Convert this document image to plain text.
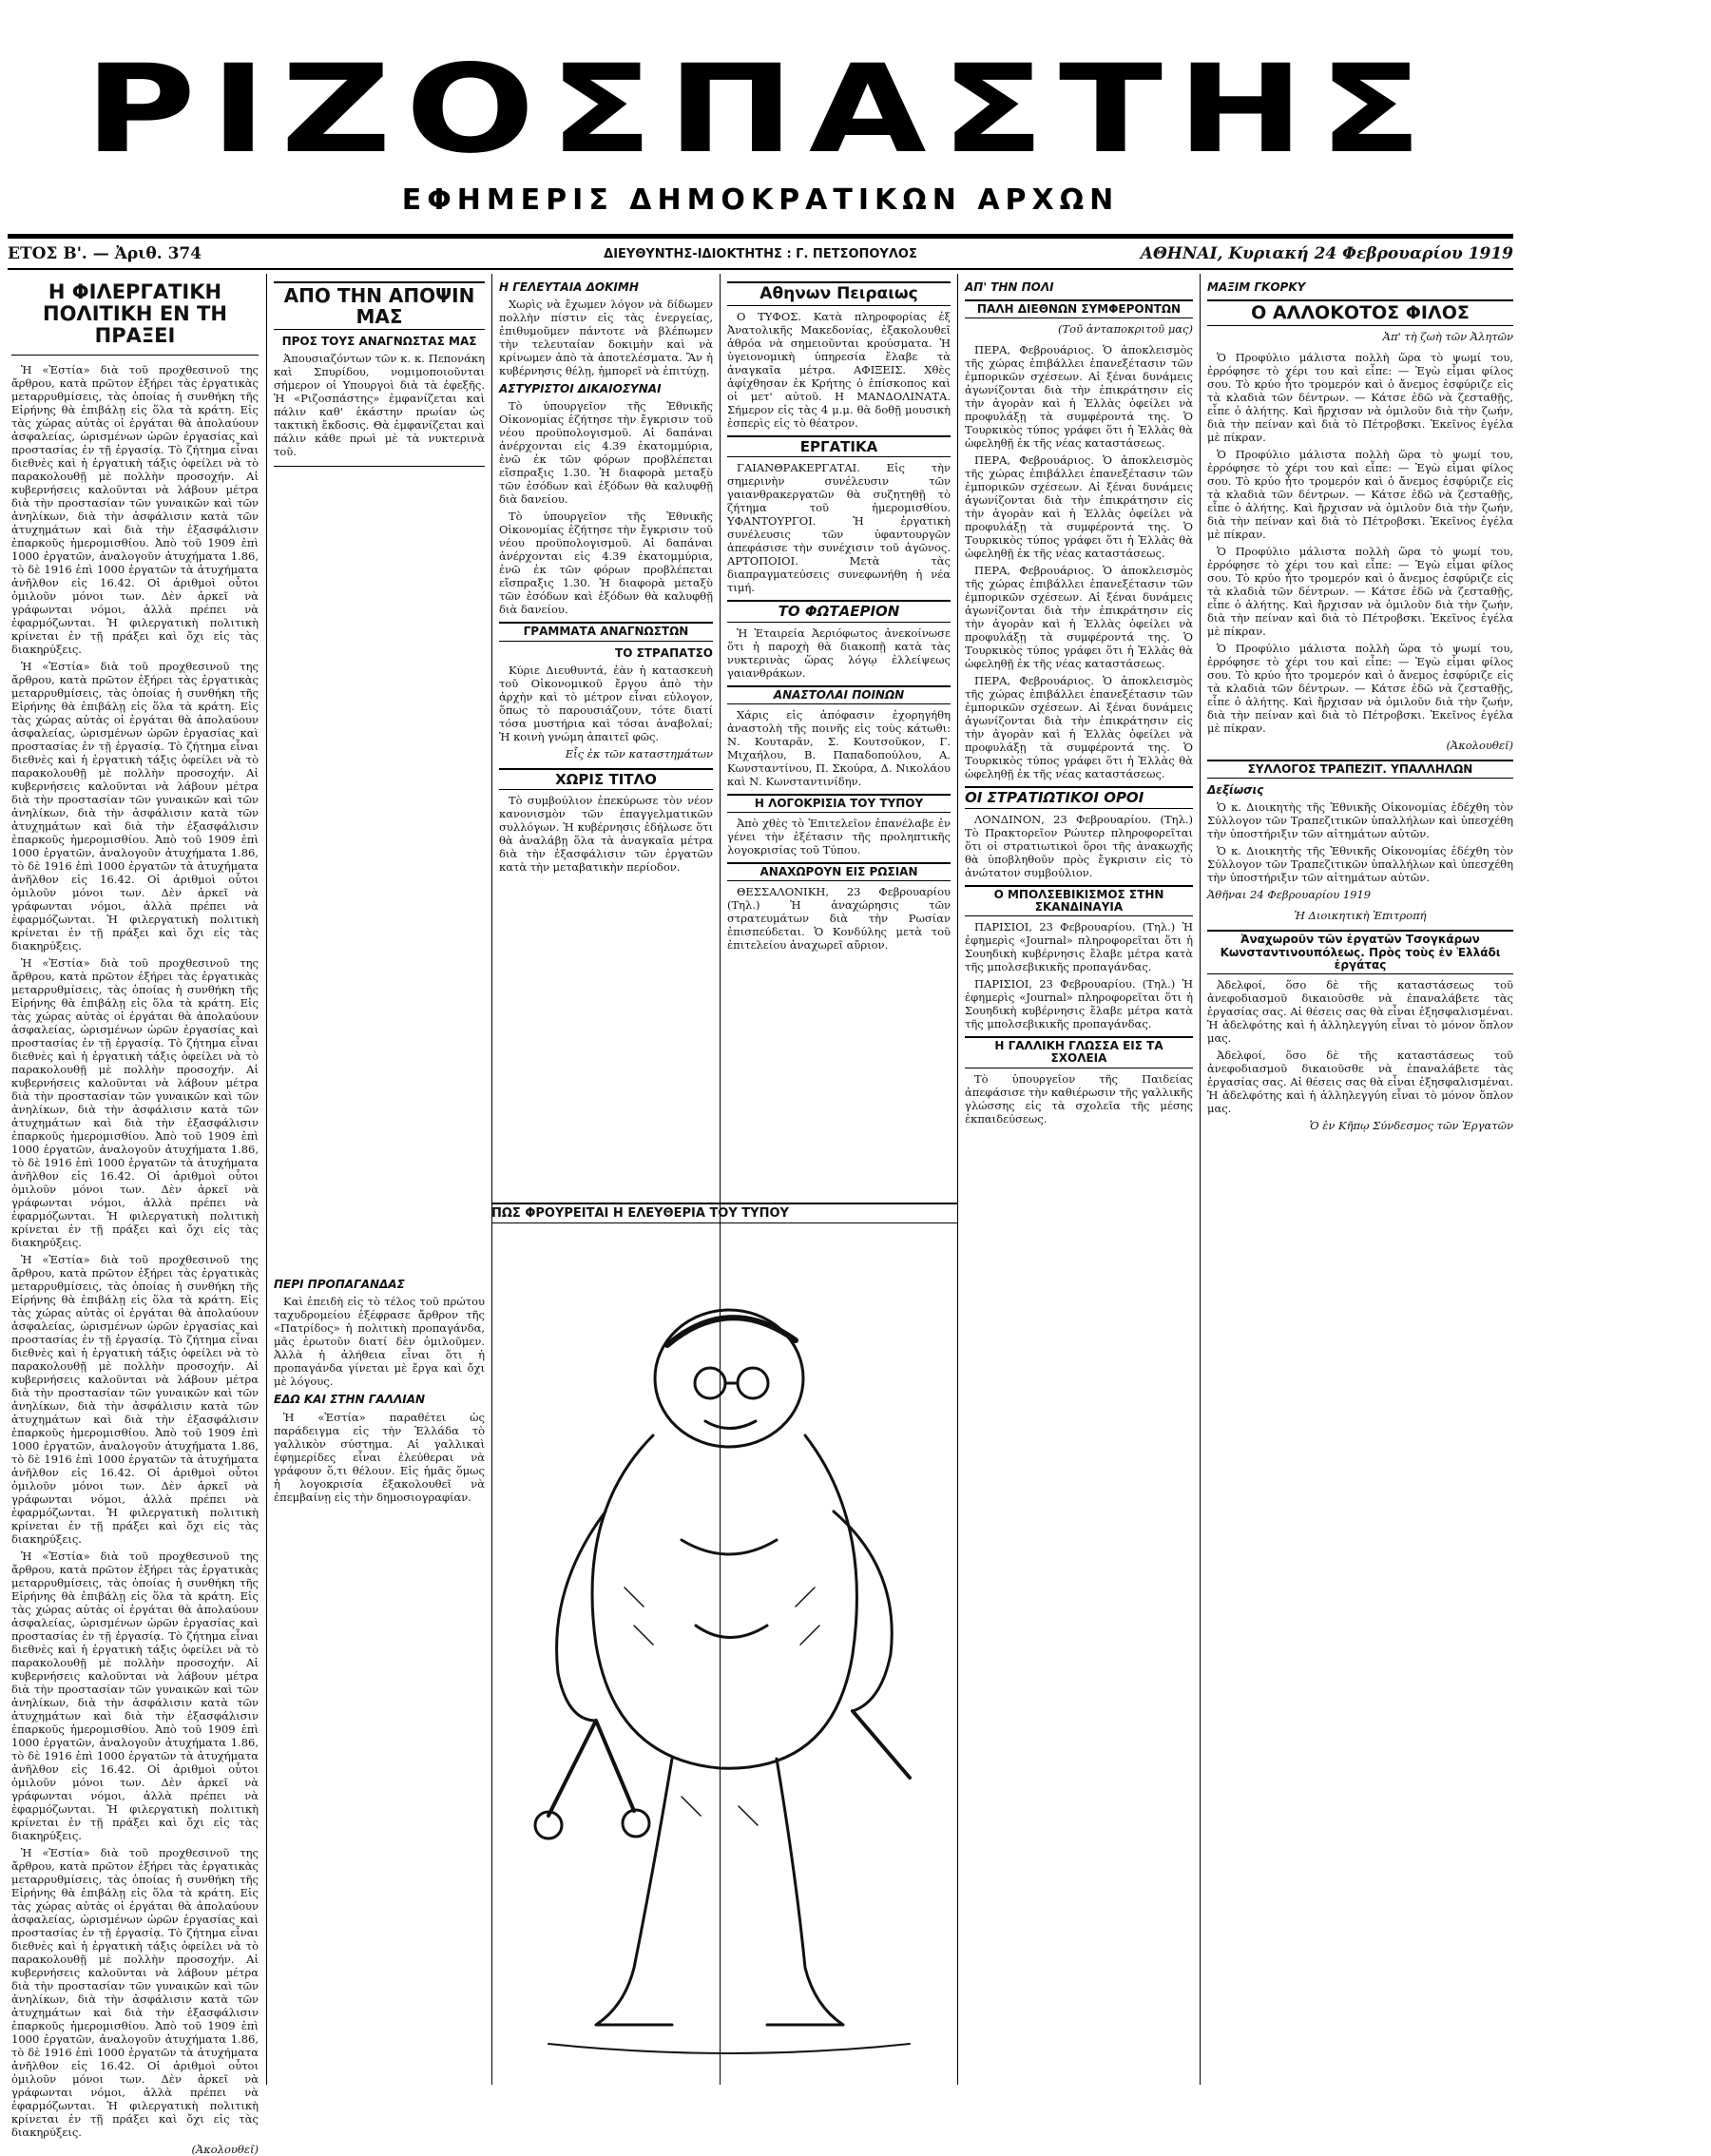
ΡΙΖΟΣΠΑΣΤΗΣ
ΕΦΗΜΕΡΙΣ ΔΗΜΟΚΡΑΤΙΚΩΝ ΑΡΧΩΝ
ΕΤΟΣ Β'. — Ἀριθ. 374	ΔΙΕΥΘΥΝΤΗΣ-ΙΔΙΟΚΤΗΤΗΣ : Γ. ΠΕΤΣΟΠΟΥΛΟΣ	ΑΘΗΝΑΙ, Κυριακή 24 Φεβρουαρίου 1919
Η ΦΙΛΕΡΓΑΤΙΚΗ ΠΟΛΙΤΙΚΗ ΕΝ ΤΗ ΠΡΑΞΕΙ

Ἡ «Ἑστία» διὰ τοῦ προχθεσινοῦ της ἄρθρου, κατὰ πρῶτον ἐξήρει τὰς ἐργατικὰς μεταρρυθμίσεις, τὰς ὁποίας ἡ συνθήκη τῆς Εἰρήνης θὰ ἐπιβάλῃ εἰς ὅλα τὰ κράτη. Εἰς τὰς χώρας αὐτὰς οἱ ἐργάται θὰ ἀπολαύουν ἀσφαλείας, ὡρισμένων ὡρῶν ἐργασίας καὶ προστασίας ἐν τῇ ἐργασίᾳ. Τὸ ζήτημα εἶναι διεθνὲς καὶ ἡ ἐργατικὴ τάξις ὀφείλει νὰ τὸ παρακολουθῇ μὲ πολλὴν προσοχήν. Αἱ κυβερνήσεις καλοῦνται νὰ λάβουν μέτρα διὰ τὴν προστασίαν τῶν γυναικῶν καὶ τῶν ἀνηλίκων, διὰ τὴν ἀσφάλισιν κατὰ τῶν ἀτυχημάτων καὶ διὰ τὴν ἐξασφάλισιν ἐπαρκοῦς ἡμερομισθίου. Ἀπὸ τοῦ 1909 ἐπὶ 1000 ἐργατῶν, ἀναλογοῦν ἀτυχήματα 1.86, τὸ δὲ 1916 ἐπὶ 1000 ἐργατῶν τὰ ἀτυχήματα ἀνῆλθον εἰς 16.42. Οἱ ἀριθμοὶ οὗτοι ὁμιλοῦν μόνοι των. Δὲν ἀρκεῖ νὰ γράφωνται νόμοι, ἀλλὰ πρέπει νὰ ἐφαρμόζωνται. Ἡ φιλεργατικὴ πολιτικὴ κρίνεται ἐν τῇ πράξει καὶ ὄχι εἰς τὰς διακηρύξεις.

Ἡ «Ἑστία» διὰ τοῦ προχθεσινοῦ της ἄρθρου, κατὰ πρῶτον ἐξήρει τὰς ἐργατικὰς μεταρρυθμίσεις, τὰς ὁποίας ἡ συνθήκη τῆς Εἰρήνης θὰ ἐπιβάλῃ εἰς ὅλα τὰ κράτη. Εἰς τὰς χώρας αὐτὰς οἱ ἐργάται θὰ ἀπολαύουν ἀσφαλείας, ὡρισμένων ὡρῶν ἐργασίας καὶ προστασίας ἐν τῇ ἐργασίᾳ. Τὸ ζήτημα εἶναι διεθνὲς καὶ ἡ ἐργατικὴ τάξις ὀφείλει νὰ τὸ παρακολουθῇ μὲ πολλὴν προσοχήν. Αἱ κυβερνήσεις καλοῦνται νὰ λάβουν μέτρα διὰ τὴν προστασίαν τῶν γυναικῶν καὶ τῶν ἀνηλίκων, διὰ τὴν ἀσφάλισιν κατὰ τῶν ἀτυχημάτων καὶ διὰ τὴν ἐξασφάλισιν ἐπαρκοῦς ἡμερομισθίου. Ἀπὸ τοῦ 1909 ἐπὶ 1000 ἐργατῶν, ἀναλογοῦν ἀτυχήματα 1.86, τὸ δὲ 1916 ἐπὶ 1000 ἐργατῶν τὰ ἀτυχήματα ἀνῆλθον εἰς 16.42. Οἱ ἀριθμοὶ οὗτοι ὁμιλοῦν μόνοι των. Δὲν ἀρκεῖ νὰ γράφωνται νόμοι, ἀλλὰ πρέπει νὰ ἐφαρμόζωνται. Ἡ φιλεργατικὴ πολιτικὴ κρίνεται ἐν τῇ πράξει καὶ ὄχι εἰς τὰς διακηρύξεις.

Ἡ «Ἑστία» διὰ τοῦ προχθεσινοῦ της ἄρθρου, κατὰ πρῶτον ἐξήρει τὰς ἐργατικὰς μεταρρυθμίσεις, τὰς ὁποίας ἡ συνθήκη τῆς Εἰρήνης θὰ ἐπιβάλῃ εἰς ὅλα τὰ κράτη. Εἰς τὰς χώρας αὐτὰς οἱ ἐργάται θὰ ἀπολαύουν ἀσφαλείας, ὡρισμένων ὡρῶν ἐργασίας καὶ προστασίας ἐν τῇ ἐργασίᾳ. Τὸ ζήτημα εἶναι διεθνὲς καὶ ἡ ἐργατικὴ τάξις ὀφείλει νὰ τὸ παρακολουθῇ μὲ πολλὴν προσοχήν. Αἱ κυβερνήσεις καλοῦνται νὰ λάβουν μέτρα διὰ τὴν προστασίαν τῶν γυναικῶν καὶ τῶν ἀνηλίκων, διὰ τὴν ἀσφάλισιν κατὰ τῶν ἀτυχημάτων καὶ διὰ τὴν ἐξασφάλισιν ἐπαρκοῦς ἡμερομισθίου. Ἀπὸ τοῦ 1909 ἐπὶ 1000 ἐργατῶν, ἀναλογοῦν ἀτυχήματα 1.86, τὸ δὲ 1916 ἐπὶ 1000 ἐργατῶν τὰ ἀτυχήματα ἀνῆλθον εἰς 16.42. Οἱ ἀριθμοὶ οὗτοι ὁμιλοῦν μόνοι των. Δὲν ἀρκεῖ νὰ γράφωνται νόμοι, ἀλλὰ πρέπει νὰ ἐφαρμόζωνται. Ἡ φιλεργατικὴ πολιτικὴ κρίνεται ἐν τῇ πράξει καὶ ὄχι εἰς τὰς διακηρύξεις.

Ἡ «Ἑστία» διὰ τοῦ προχθεσινοῦ της ἄρθρου, κατὰ πρῶτον ἐξήρει τὰς ἐργατικὰς μεταρρυθμίσεις, τὰς ὁποίας ἡ συνθήκη τῆς Εἰρήνης θὰ ἐπιβάλῃ εἰς ὅλα τὰ κράτη. Εἰς τὰς χώρας αὐτὰς οἱ ἐργάται θὰ ἀπολαύουν ἀσφαλείας, ὡρισμένων ὡρῶν ἐργασίας καὶ προστασίας ἐν τῇ ἐργασίᾳ. Τὸ ζήτημα εἶναι διεθνὲς καὶ ἡ ἐργατικὴ τάξις ὀφείλει νὰ τὸ παρακολουθῇ μὲ πολλὴν προσοχήν. Αἱ κυβερνήσεις καλοῦνται νὰ λάβουν μέτρα διὰ τὴν προστασίαν τῶν γυναικῶν καὶ τῶν ἀνηλίκων, διὰ τὴν ἀσφάλισιν κατὰ τῶν ἀτυχημάτων καὶ διὰ τὴν ἐξασφάλισιν ἐπαρκοῦς ἡμερομισθίου. Ἀπὸ τοῦ 1909 ἐπὶ 1000 ἐργατῶν, ἀναλογοῦν ἀτυχήματα 1.86, τὸ δὲ 1916 ἐπὶ 1000 ἐργατῶν τὰ ἀτυχήματα ἀνῆλθον εἰς 16.42. Οἱ ἀριθμοὶ οὗτοι ὁμιλοῦν μόνοι των. Δὲν ἀρκεῖ νὰ γράφωνται νόμοι, ἀλλὰ πρέπει νὰ ἐφαρμόζωνται. Ἡ φιλεργατικὴ πολιτικὴ κρίνεται ἐν τῇ πράξει καὶ ὄχι εἰς τὰς διακηρύξεις.

Ἡ «Ἑστία» διὰ τοῦ προχθεσινοῦ της ἄρθρου, κατὰ πρῶτον ἐξήρει τὰς ἐργατικὰς μεταρρυθμίσεις, τὰς ὁποίας ἡ συνθήκη τῆς Εἰρήνης θὰ ἐπιβάλῃ εἰς ὅλα τὰ κράτη. Εἰς τὰς χώρας αὐτὰς οἱ ἐργάται θὰ ἀπολαύουν ἀσφαλείας, ὡρισμένων ὡρῶν ἐργασίας καὶ προστασίας ἐν τῇ ἐργασίᾳ. Τὸ ζήτημα εἶναι διεθνὲς καὶ ἡ ἐργατικὴ τάξις ὀφείλει νὰ τὸ παρακολουθῇ μὲ πολλὴν προσοχήν. Αἱ κυβερνήσεις καλοῦνται νὰ λάβουν μέτρα διὰ τὴν προστασίαν τῶν γυναικῶν καὶ τῶν ἀνηλίκων, διὰ τὴν ἀσφάλισιν κατὰ τῶν ἀτυχημάτων καὶ διὰ τὴν ἐξασφάλισιν ἐπαρκοῦς ἡμερομισθίου. Ἀπὸ τοῦ 1909 ἐπὶ 1000 ἐργατῶν, ἀναλογοῦν ἀτυχήματα 1.86, τὸ δὲ 1916 ἐπὶ 1000 ἐργατῶν τὰ ἀτυχήματα ἀνῆλθον εἰς 16.42. Οἱ ἀριθμοὶ οὗτοι ὁμιλοῦν μόνοι των. Δὲν ἀρκεῖ νὰ γράφωνται νόμοι, ἀλλὰ πρέπει νὰ ἐφαρμόζωνται. Ἡ φιλεργατικὴ πολιτικὴ κρίνεται ἐν τῇ πράξει καὶ ὄχι εἰς τὰς διακηρύξεις.

Ἡ «Ἑστία» διὰ τοῦ προχθεσινοῦ της ἄρθρου, κατὰ πρῶτον ἐξήρει τὰς ἐργατικὰς μεταρρυθμίσεις, τὰς ὁποίας ἡ συνθήκη τῆς Εἰρήνης θὰ ἐπιβάλῃ εἰς ὅλα τὰ κράτη. Εἰς τὰς χώρας αὐτὰς οἱ ἐργάται θὰ ἀπολαύουν ἀσφαλείας, ὡρισμένων ὡρῶν ἐργασίας καὶ προστασίας ἐν τῇ ἐργασίᾳ. Τὸ ζήτημα εἶναι διεθνὲς καὶ ἡ ἐργατικὴ τάξις ὀφείλει νὰ τὸ παρακολουθῇ μὲ πολλὴν προσοχήν. Αἱ κυβερνήσεις καλοῦνται νὰ λάβουν μέτρα διὰ τὴν προστασίαν τῶν γυναικῶν καὶ τῶν ἀνηλίκων, διὰ τὴν ἀσφάλισιν κατὰ τῶν ἀτυχημάτων καὶ διὰ τὴν ἐξασφάλισιν ἐπαρκοῦς ἡμερομισθίου. Ἀπὸ τοῦ 1909 ἐπὶ 1000 ἐργατῶν, ἀναλογοῦν ἀτυχήματα 1.86, τὸ δὲ 1916 ἐπὶ 1000 ἐργατῶν τὰ ἀτυχήματα ἀνῆλθον εἰς 16.42. Οἱ ἀριθμοὶ οὗτοι ὁμιλοῦν μόνοι των. Δὲν ἀρκεῖ νὰ γράφωνται νόμοι, ἀλλὰ πρέπει νὰ ἐφαρμόζωνται. Ἡ φιλεργατικὴ πολιτικὴ κρίνεται ἐν τῇ πράξει καὶ ὄχι εἰς τὰς διακηρύξεις.

(Ἀκολουθεῖ)
ΑΠΟ ΤΗΝ ΑΠΟΨΙΝ ΜΑΣ
ΠΡΟΣ ΤΟΥΣ ΑΝΑΓΝΩΣΤΑΣ ΜΑΣ

Ἀπουσιαζόντων τῶν κ. κ. Πεπονάκη καὶ Σπυρίδου, νομιμοποιοῦνται σήμερον οἱ Υπουργοὶ διὰ τὰ ἐφεξῆς. Ἡ «Ριζοσπάστης» ἐμφανίζεται καὶ πάλιν καθ' ἑκάστην πρωίαν ὡς τακτικὴ ἔκδοσις. Θὰ ἐμφανίζεται καὶ πάλιν κάθε πρωὶ μὲ τὰ νυκτερινὰ τοῦ.

ΠΕΡΙ ΠΡΟΠΑΓΑΝΔΑΣ

Καὶ ἐπειδὴ εἰς τὸ τέλος τοῦ πρώτου ταχυδρομείου ἐξέφρασε ἄρθρον τῆς «Πατρίδος» ἡ πολιτικὴ προπαγάνδα, μᾶς ἐρωτοῦν διατί δὲν ὁμιλοῦμεν. Ἀλλὰ ἡ ἀλήθεια εἶναι ὅτι ἡ προπαγάνδα γίνεται μὲ ἔργα καὶ ὄχι μὲ λόγους.

ΕΔΩ ΚΑΙ ΣΤΗΝ ΓΑΛΛΙΑΝ

Ἡ «Ἑστία» παραθέτει ὡς παράδειγμα εἰς τὴν Ἑλλάδα τὸ γαλλικὸν σύστημα. Αἱ γαλλικαὶ ἐφημερίδες εἶναι ἐλεύθεραι νὰ γράφουν ὅ,τι θέλουν. Εἰς ἡμᾶς ὅμως ἡ λογοκρισία ἐξακολουθεῖ νὰ ἐπεμβαίνῃ εἰς τὴν δημοσιογραφίαν.

Η ΓΕΛΕΥΤΑΙΑ ΔΟΚΙΜΗ

Χωρὶς νὰ ἔχωμεν λόγον νὰ δίδωμεν πολλὴν πίστιν εἰς τὰς ἐνεργείας, ἐπιθυμοῦμεν πάντοτε νὰ βλέπωμεν τὴν τελευταίαν δοκιμὴν καὶ νὰ κρίνωμεν ἀπὸ τὰ ἀποτελέσματα. Ἂν ἡ κυβέρνησις θέλῃ, ἠμπορεῖ νὰ ἐπιτύχῃ.

ΑΣΤΥΡΙΣΤΟΙ ΔΙΚΑΙΟΣΥΝΑΙ

Τὸ ὑπουργεῖον τῆς Ἐθνικῆς Οἰκονομίας ἐζήτησε τὴν ἔγκρισιν τοῦ νέου προϋπολογισμοῦ. Αἱ δαπάναι ἀνέρχονται εἰς 4.39 ἑκατομμύρια, ἐνῶ ἐκ τῶν φόρων προβλέπεται εἴσπραξις 1.30. Ἡ διαφορὰ μεταξὺ τῶν ἐσόδων καὶ ἐξόδων θὰ καλυφθῇ διὰ δανείου.

Τὸ ὑπουργεῖον τῆς Ἐθνικῆς Οἰκονομίας ἐζήτησε τὴν ἔγκρισιν τοῦ νέου προϋπολογισμοῦ. Αἱ δαπάναι ἀνέρχονται εἰς 4.39 ἑκατομμύρια, ἐνῶ ἐκ τῶν φόρων προβλέπεται εἴσπραξις 1.30. Ἡ διαφορὰ μεταξὺ τῶν ἐσόδων καὶ ἐξόδων θὰ καλυφθῇ διὰ δανείου.

ΓΡΑΜΜΑΤΑ ΑΝΑΓΝΩΣΤΩΝ
ΤΟ ΣΤΡΑΠΑΤΣΟ

Κύριε Διευθυντά, ἐὰν ἡ κατασκευὴ τοῦ Οἰκονομικοῦ ἔργου ἀπὸ τὴν ἀρχὴν καὶ τὸ μέτρον εἶναι εὐλογον, ὅπως τὸ παρουσιάζουν, τότε διατί τόσα μυστήρια καὶ τόσαι ἀναβολαί; Ἡ κοινὴ γνώμη ἀπαιτεῖ φῶς.

Εἷς ἐκ τῶν καταστημάτων
ΧΩΡΙΣ ΤΙΤΛΟ

Τὸ συμβούλιον ἐπεκύρωσε τὸν νέον κανονισμὸν τῶν ἐπαγγελματικῶν συλλόγων. Ἡ κυβέρνησις ἐδήλωσε ὅτι θὰ ἀναλάβῃ ὅλα τὰ ἀναγκαῖα μέτρα διὰ τὴν ἐξασφάλισιν τῶν ἐργατῶν κατὰ τὴν μεταβατικὴν περίοδον.

Αθηνων Πειραιως

Ο ΤΥΦΟΣ. Κατὰ πληροφορίας ἐξ Ἀνατολικῆς Μακεδονίας, ἐξακολουθεῖ ἀθρόα νὰ σημειοῦνται κρούσματα. Ἡ ὑγειονομικὴ ὑπηρεσία ἔλαβε τὰ ἀναγκαῖα μέτρα. ΑΦΙΞΕΙΣ. Χθὲς ἀφίχθησαν ἐκ Κρήτης ὁ ἐπίσκοπος καὶ οἱ μετ' αὐτοῦ. Η ΜΑΝΔΟΛΙΝΑΤΑ. Σήμερον εἰς τὰς 4 μ.μ. θὰ δοθῇ μουσικὴ ἑσπερὶς εἰς τὸ θέατρον.

ΕΡΓΑΤΙΚΑ

ΓΑΙΑΝΘΡΑΚΕΡΓΑΤΑΙ. Εἰς τὴν σημερινὴν συνέλευσιν τῶν γαιανθρακεργατῶν θὰ συζητηθῇ τὸ ζήτημα τοῦ ἡμερομισθίου. ΥΦΑΝΤΟΥΡΓΟΙ. Ἡ ἐργατικὴ συνέλευσις τῶν ὑφαντουργῶν ἀπεφάσισε τὴν συνέχισιν τοῦ ἀγῶνος. ΑΡΤΟΠΟΙΟΙ. Μετὰ τὰς διαπραγματεύσεις συνεφωνήθη ἡ νέα τιμή.

ΤΟ ΦΩΤΑΕΡΙΟΝ

Ἡ Ἑταιρεία Ἀεριόφωτος ἀνεκοίνωσε ὅτι ἡ παροχὴ θὰ διακοπῇ κατὰ τὰς νυκτερινὰς ὥρας λόγῳ ἐλλείψεως γαιανθράκων.

ΑΝΑΣΤΟΛΑΙ ΠΟΙΝΩΝ

Χάρις εἰς ἀπόφασιν ἐχορηγήθη ἀναστολὴ τῆς ποινῆς εἰς τοὺς κάτωθι: Ν. Κουταρᾶν, Σ. Κουτσοῦκον, Γ. Μιχαήλου, Β. Παπαδοπούλου, Α. Κωνσταντίνου, Π. Σκούρα, Δ. Νικολάου καὶ Ν. Κωνσταντινίδην.

Η ΛΟΓΟΚΡΙΣΙΑ ΤΟΥ ΤΥΠΟΥ

Ἀπὸ χθὲς τὸ Ἐπιτελεῖον ἐπανέλαβε ἐν γένει τὴν ἐξέτασιν τῆς προληπτικῆς λογοκρισίας τοῦ Τύπου.

ΑΝΑΧΩΡΟΥΝ ΕΙΣ ΡΩΣΙΑΝ

ΘΕΣΣΑΛΟΝΙΚΗ, 23 Φεβρουαρίου (Τηλ.) Ἡ ἀναχώρησις τῶν στρατευμάτων διὰ τὴν Ρωσίαν ἐπισπεύδεται. Ὁ Κονδύλης μετὰ τοῦ ἐπιτελείου ἀναχωρεῖ αὔριον.

ΑΠ' ΤΗΝ ΠΟΛΙ
ΠΑΛΗ ΔΙΕΘΝΩΝ ΣΥΜΦΕΡΟΝΤΩΝ
(Τοῦ ἀνταποκριτοῦ μας)

ΠΕΡΑ, Φεβρουάριος. Ὁ ἀποκλεισμὸς τῆς χώρας ἐπιβάλλει ἐπανεξέτασιν τῶν ἐμπορικῶν σχέσεων. Αἱ ξέναι δυνάμεις ἀγωνίζονται διὰ τὴν ἐπικράτησιν εἰς τὴν ἀγορὰν καὶ ἡ Ἑλλὰς ὀφείλει νὰ προφυλάξῃ τὰ συμφέροντά της. Ὁ Τουρκικὸς τύπος γράφει ὅτι ἡ Ἑλλὰς θὰ ὠφεληθῇ ἐκ τῆς νέας καταστάσεως.

ΠΕΡΑ, Φεβρουάριος. Ὁ ἀποκλεισμὸς τῆς χώρας ἐπιβάλλει ἐπανεξέτασιν τῶν ἐμπορικῶν σχέσεων. Αἱ ξέναι δυνάμεις ἀγωνίζονται διὰ τὴν ἐπικράτησιν εἰς τὴν ἀγορὰν καὶ ἡ Ἑλλὰς ὀφείλει νὰ προφυλάξῃ τὰ συμφέροντά της. Ὁ Τουρκικὸς τύπος γράφει ὅτι ἡ Ἑλλὰς θὰ ὠφεληθῇ ἐκ τῆς νέας καταστάσεως.

ΠΕΡΑ, Φεβρουάριος. Ὁ ἀποκλεισμὸς τῆς χώρας ἐπιβάλλει ἐπανεξέτασιν τῶν ἐμπορικῶν σχέσεων. Αἱ ξέναι δυνάμεις ἀγωνίζονται διὰ τὴν ἐπικράτησιν εἰς τὴν ἀγορὰν καὶ ἡ Ἑλλὰς ὀφείλει νὰ προφυλάξῃ τὰ συμφέροντά της. Ὁ Τουρκικὸς τύπος γράφει ὅτι ἡ Ἑλλὰς θὰ ὠφεληθῇ ἐκ τῆς νέας καταστάσεως.

ΠΕΡΑ, Φεβρουάριος. Ὁ ἀποκλεισμὸς τῆς χώρας ἐπιβάλλει ἐπανεξέτασιν τῶν ἐμπορικῶν σχέσεων. Αἱ ξέναι δυνάμεις ἀγωνίζονται διὰ τὴν ἐπικράτησιν εἰς τὴν ἀγορὰν καὶ ἡ Ἑλλὰς ὀφείλει νὰ προφυλάξῃ τὰ συμφέροντά της. Ὁ Τουρκικὸς τύπος γράφει ὅτι ἡ Ἑλλὰς θὰ ὠφεληθῇ ἐκ τῆς νέας καταστάσεως.

ΟΙ ΣΤΡΑΤΙΩΤΙΚΟΙ ΟΡΟΙ

ΛΟΝΔΙΝΟΝ, 23 Φεβρουαρίου. (Τηλ.) Τὸ Πρακτορεῖον Ρώυτερ πληροφορεῖται ὅτι οἱ στρατιωτικοὶ ὅροι τῆς ἀνακωχῆς θὰ ὑποβληθοῦν πρὸς ἔγκρισιν εἰς τὸ ἀνώτατον συμβούλιον.

Ο ΜΠΟΛΣΕΒΙΚΙΣΜΟΣ ΣΤΗΝ ΣΚΑΝΔΙΝΑΥΙΑ

ΠΑΡΙΣΙΟΙ, 23 Φεβρουαρίου. (Τηλ.) Ἡ ἐφημερὶς «Journal» πληροφορεῖται ὅτι ἡ Σουηδικὴ κυβέρνησις ἔλαβε μέτρα κατὰ τῆς μπολσεβικικῆς προπαγάνδας.

ΠΑΡΙΣΙΟΙ, 23 Φεβρουαρίου. (Τηλ.) Ἡ ἐφημερὶς «Journal» πληροφορεῖται ὅτι ἡ Σουηδικὴ κυβέρνησις ἔλαβε μέτρα κατὰ τῆς μπολσεβικικῆς προπαγάνδας.

Η ΓΑΛΛΙΚΗ ΓΛΩΣΣΑ ΕΙΣ ΤΑ ΣΧΟΛΕΙΑ

Τὸ ὑπουργεῖον τῆς Παιδείας ἀπεφάσισε τὴν καθιέρωσιν τῆς γαλλικῆς γλώσσης εἰς τὰ σχολεῖα τῆς μέσης ἐκπαιδεύσεως.

ΜΑΞΙΜ ΓΚΟΡΚΥ
Ο ΑΛΛΟΚΟΤΟΣ ΦΙΛΟΣ
Ἀπ' τὴ ζωὴ τῶν Ἀλητῶν

Ὁ Προφύλιο μάλιστα πολλὴ ὥρα τὸ ψωμί του, ἐρρόφησε τὸ χέρι του καὶ εἶπε: — Ἐγὼ εἶμαι φίλος σου. Τὸ κρύο ἦτο τρομερόν καὶ ὁ ἄνεμος ἐσφύριζε εἰς τὰ κλαδιὰ τῶν δέντρων. — Κάτσε ἐδῶ νὰ ζεσταθῇς, εἶπε ὁ ἀλήτης. Καὶ ἤρχισαν νὰ ὁμιλοῦν διὰ τὴν ζωήν, διὰ τὴν πείναν καὶ διὰ τὸ Πέτροβσκι. Ἐκεῖνος ἐγέλα μὲ πίκραν.

Ὁ Προφύλιο μάλιστα πολλὴ ὥρα τὸ ψωμί του, ἐρρόφησε τὸ χέρι του καὶ εἶπε: — Ἐγὼ εἶμαι φίλος σου. Τὸ κρύο ἦτο τρομερόν καὶ ὁ ἄνεμος ἐσφύριζε εἰς τὰ κλαδιὰ τῶν δέντρων. — Κάτσε ἐδῶ νὰ ζεσταθῇς, εἶπε ὁ ἀλήτης. Καὶ ἤρχισαν νὰ ὁμιλοῦν διὰ τὴν ζωήν, διὰ τὴν πείναν καὶ διὰ τὸ Πέτροβσκι. Ἐκεῖνος ἐγέλα μὲ πίκραν.

Ὁ Προφύλιο μάλιστα πολλὴ ὥρα τὸ ψωμί του, ἐρρόφησε τὸ χέρι του καὶ εἶπε: — Ἐγὼ εἶμαι φίλος σου. Τὸ κρύο ἦτο τρομερόν καὶ ὁ ἄνεμος ἐσφύριζε εἰς τὰ κλαδιὰ τῶν δέντρων. — Κάτσε ἐδῶ νὰ ζεσταθῇς, εἶπε ὁ ἀλήτης. Καὶ ἤρχισαν νὰ ὁμιλοῦν διὰ τὴν ζωήν, διὰ τὴν πείναν καὶ διὰ τὸ Πέτροβσκι. Ἐκεῖνος ἐγέλα μὲ πίκραν.

Ὁ Προφύλιο μάλιστα πολλὴ ὥρα τὸ ψωμί του, ἐρρόφησε τὸ χέρι του καὶ εἶπε: — Ἐγὼ εἶμαι φίλος σου. Τὸ κρύο ἦτο τρομερόν καὶ ὁ ἄνεμος ἐσφύριζε εἰς τὰ κλαδιὰ τῶν δέντρων. — Κάτσε ἐδῶ νὰ ζεσταθῇς, εἶπε ὁ ἀλήτης. Καὶ ἤρχισαν νὰ ὁμιλοῦν διὰ τὴν ζωήν, διὰ τὴν πείναν καὶ διὰ τὸ Πέτροβσκι. Ἐκεῖνος ἐγέλα μὲ πίκραν.

(Ἀκολουθεῖ)
ΣΥΛΛΟΓΟΣ ΤΡΑΠΕΖΙΤ. ΥΠΑΛΛΗΛΩΝ
Δεξίωσις

Ὁ κ. Διοικητὴς τῆς Ἐθνικῆς Οἰκονομίας ἐδέχθη τὸν Σύλλογον τῶν Τραπεζιτικῶν ὑπαλλήλων καὶ ὑπεσχέθη τὴν ὑποστήριξιν τῶν αἰτημάτων αὐτῶν.

Ὁ κ. Διοικητὴς τῆς Ἐθνικῆς Οἰκονομίας ἐδέχθη τὸν Σύλλογον τῶν Τραπεζιτικῶν ὑπαλλήλων καὶ ὑπεσχέθη τὴν ὑποστήριξιν τῶν αἰτημάτων αὐτῶν.

Ἀθῆναι 24 Φεβρουαρίου 1919
Ἡ Διοικητικὴ Ἐπιτροπή
Ἀναχωροῦν τῶν ἐργατῶν Τσογκάρων Κωνσταντινουπόλεως. Πρὸς τοὺς ἐν Ἑλλάδι ἐργάτας

Ἀδελφοί, ὅσο δὲ τῆς καταστάσεως τοῦ ἀνεφοδιασμοῦ δικαιοῦσθε νὰ ἐπαναλάβετε τὰς ἐργασίας σας. Αἱ θέσεις σας θὰ εἶναι ἐξησφαλισμέναι. Ἡ ἀδελφότης καὶ ἡ ἀλληλεγγύη εἶναι τὸ μόνον ὅπλον μας.

Ἀδελφοί, ὅσο δὲ τῆς καταστάσεως τοῦ ἀνεφοδιασμοῦ δικαιοῦσθε νὰ ἐπαναλάβετε τὰς ἐργασίας σας. Αἱ θέσεις σας θὰ εἶναι ἐξησφαλισμέναι. Ἡ ἀδελφότης καὶ ἡ ἀλληλεγγύη εἶναι τὸ μόνον ὅπλον μας.

Ὁ ἐν Κῆπῳ Σύνδεσμος τῶν Ἐργατῶν
ΠΩΣ ΦΡΟΥΡΕΙΤΑΙ Η ΕΛΕΥΘΕΡΙΑ ΤΟΥ ΤΥΠΟΥ
